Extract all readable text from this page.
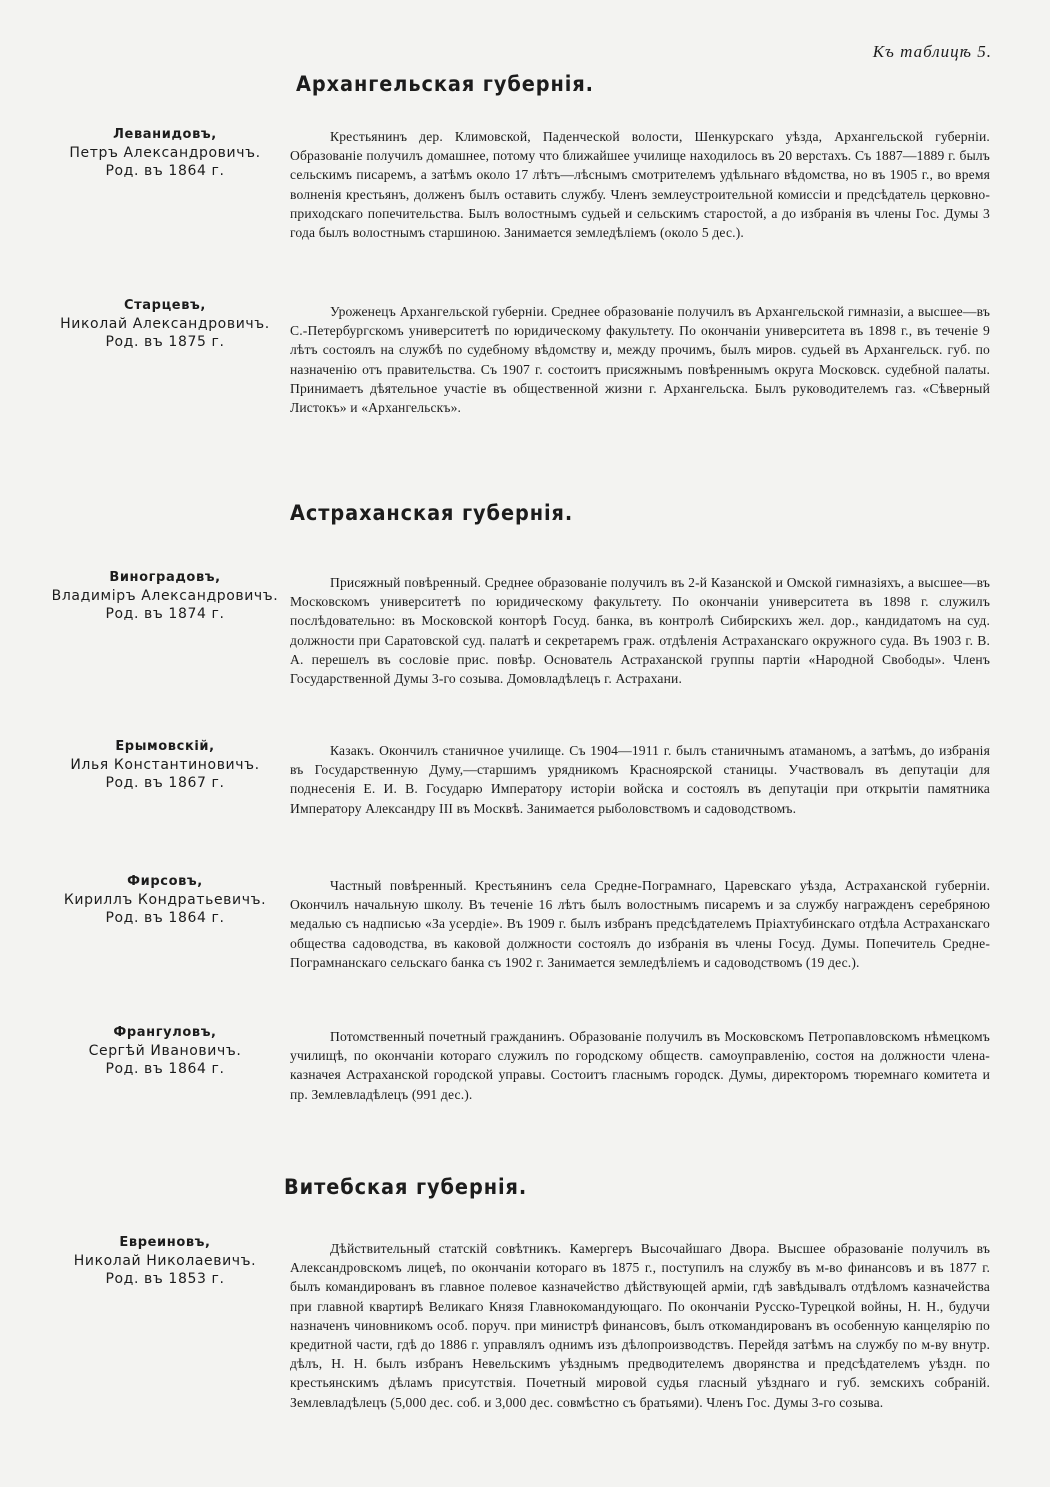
Къ таблицѣ 5.
Архангельская губернія.
Леванидовъ,
Петръ Александровичъ.
Род. въ 1864 г.
Крестьянинъ дер. Климовской, Паденческой волости, Шенкурскаго уѣзда, Архангельской губерніи. Образованіе получилъ домашнее, потому что ближайшее училище находилось въ 20 верстахъ. Съ 1887—1889 г. былъ сельскимъ писаремъ, а затѣмъ около 17 лѣтъ—лѣснымъ смотрителемъ удѣльнаго вѣдомства, но въ 1905 г., во время волненія крестьянъ, долженъ былъ оставить службу. Членъ землеустроительной комиссіи и предсѣдатель церковно-приходскаго попечительства. Былъ волостнымъ судьей и сельскимъ старостой, а до избранія въ члены Гос. Думы 3 года былъ волостнымъ старшиною. Занимается земледѣліемъ (около 5 дес.).
Старцевъ,
Николай Александровичъ.
Род. въ 1875 г.
Уроженецъ Архангельской губерніи. Среднее образованіе получилъ въ Архангельской гимназіи, а высшее—въ С.-Петербургскомъ университетѣ по юридическому факультету. По окончаніи университета въ 1898 г., въ теченіе 9 лѣтъ состоялъ на службѣ по судебному вѣдомству и, между прочимъ, былъ миров. судьей въ Архангельск. губ. по назначенію отъ правительства. Съ 1907 г. состоитъ присяжнымъ повѣреннымъ округа Московск. судебной палаты. Принимаетъ дѣятельное участіе въ общественной жизни г. Архангельска. Былъ руководителемъ газ. «Сѣверный Листокъ» и «Архангельскъ».
Астраханская губернія.
Виноградовъ,
Владиміръ Александровичъ.
Род. въ 1874 г.
Присяжный повѣренный. Среднее образованіе получилъ въ 2-й Казанской и Омской гимназіяхъ, а высшее—въ Московскомъ университетѣ по юридическому факультету. По окончаніи университета въ 1898 г. служилъ послѣдовательно: въ Московской конторѣ Госуд. банка, въ контролѣ Сибирскихъ жел. дор., кандидатомъ на суд. должности при Саратовской суд. палатѣ и секретаремъ граж. отдѣленія Астраханскаго окружного суда. Въ 1903 г. В. А. перешелъ въ сословіе прис. повѣр. Основатель Астраханской группы партіи «Народной Свободы». Членъ Государственной Думы 3-го созыва. Домовладѣлецъ г. Астрахани.
Ерымовскій,
Илья Константиновичъ.
Род. въ 1867 г.
Казакъ. Окончилъ станичное училище. Съ 1904—1911 г. былъ станичнымъ атаманомъ, а затѣмъ, до избранія въ Государственную Думу,—старшимъ урядникомъ Красноярской станицы. Участвовалъ въ депутаціи для поднесенія Е. И. В. Государю Императору исторіи войска и состоялъ въ депутаціи при открытіи памятника Императору Александру III въ Москвѣ. Занимается рыболовствомъ и садоводствомъ.
Фирсовъ,
Кириллъ Кондратьевичъ.
Род. въ 1864 г.
Частный повѣренный. Крестьянинъ села Средне-Пограмнаго, Царевскаго уѣзда, Астраханской губерніи. Окончилъ начальную школу. Въ теченіе 16 лѣтъ былъ волостнымъ писаремъ и за службу награжденъ серебряною медалью съ надписью «За усердіе». Въ 1909 г. былъ избранъ предсѣдателемъ Пріахтубинскаго отдѣла Астраханскаго общества садоводства, въ каковой должности состоялъ до избранія въ члены Госуд. Думы. Попечитель Средне-Пограмнанскаго сельскаго банка съ 1902 г. Занимается земледѣліемъ и садоводствомъ (19 дес.).
Франгуловъ,
Сергѣй Ивановичъ.
Род. въ 1864 г.
Потомственный почетный гражданинъ. Образованіе получилъ въ Московскомъ Петропавловскомъ нѣмецкомъ училищѣ, по окончаніи котораго служилъ по городскому обществ. самоуправленію, состоя на должности члена-казначея Астраханской городской управы. Состоитъ гласнымъ городск. Думы, директоромъ тюремнаго комитета и пр. Землевладѣлецъ (991 дес.).
Витебская губернія.
Евреиновъ,
Николай Николаевичъ.
Род. въ 1853 г.
Дѣйствительный статскій совѣтникъ. Камергеръ Высочайшаго Двора. Высшее образованіе получилъ въ Александровскомъ лицеѣ, по окончаніи котораго въ 1875 г., поступилъ на службу въ м-во финансовъ и въ 1877 г. былъ командированъ въ главное полевое казначейство дѣйствующей арміи, гдѣ завѣдывалъ отдѣломъ казначейства при главной квартирѣ Великаго Князя Главнокомандующаго. По окончаніи Русско-Турецкой войны, Н. Н., будучи назначенъ чиновникомъ особ. поруч. при министрѣ финансовъ, былъ откомандированъ въ особенную канцелярію по кредитной части, гдѣ до 1886 г. управлялъ однимъ изъ дѣлопроизводствъ. Перейдя затѣмъ на службу по м-ву внутр. дѣлъ, Н. Н. былъ избранъ Невельскимъ уѣзднымъ предводителемъ дворянства и предсѣдателемъ уѣздн. по крестьянскимъ дѣламъ присутствія. Почетный мировой судья гласный уѣзднаго и губ. земскихъ собраній. Землевладѣлецъ (5,000 дес. соб. и 3,000 дес. совмѣстно съ братьями). Членъ Гос. Думы 3-го созыва.
